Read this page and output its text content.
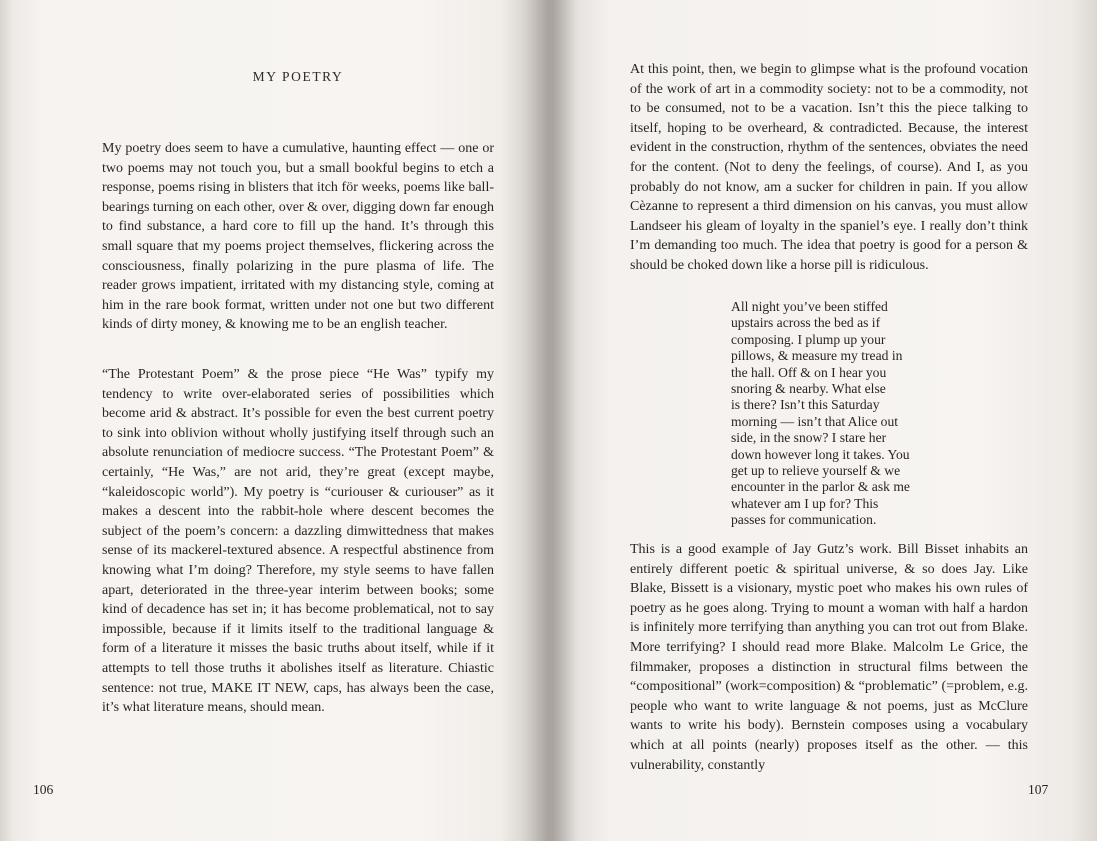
MY POETRY

My poetry does seem to have a cumulative, haunting effect — one or two poems may not touch you, but a small bookful begins to etch a response, poems rising in blisters that itch för weeks, poems like ball-bearings turning on each other, over & over, digging down far enough to find substance, a hard core to fill up the hand. It’s through this small square that my poems project themselves, flickering across the consciousness, finally polarizing in the pure plasma of life. The reader grows impatient, irritated with my distancing style, coming at him in the rare book format, written under not one but two different kinds of dirty money, & knowing me to be an english teacher.

“The Protestant Poem” & the prose piece “He Was” typify my tendency to write over-elaborated series of possibilities which become arid & abstract. It’s possible for even the best current poetry to sink into oblivion without wholly justifying itself through such an absolute renunciation of mediocre success. “The Protestant Poem” & certainly, “He Was,” are not arid, they’re great (except maybe, “kaleidoscopic world”). My poetry is “curiouser & curiouser” as it makes a descent into the rabbit-hole where descent becomes the subject of the poem’s concern: a dazzling dimwittedness that makes sense of its mackerel-textured absence. A respectful abstinence from knowing what I’m doing? Therefore, my style seems to have fallen apart, deteriorated in the three-year interim between books; some kind of decadence has set in; it has become problematical, not to say impossible, because if it limits itself to the traditional language & form of a literature it misses the basic truths about itself, while if it attempts to tell those truths it abolishes itself as literature. Chiastic sentence: not true, MAKE IT NEW, caps, has always been the case, it’s what literature means, should mean.

106

At this point, then, we begin to glimpse what is the profound vocation of the work of art in a commodity society: not to be a commodity, not to be consumed, not to be a vacation. Isn’t this the piece talking to itself, hoping to be overheard, & contradicted. Because, the interest evident in the construction, rhythm of the sentences, obviates the need for the content. (Not to deny the feelings, of course). And I, as you probably do not know, am a sucker for children in pain. If you allow Cèzanne to represent a third dimension on his canvas, you must allow Landseer his gleam of loyalty in the spaniel’s eye. I really don’t think I’m demanding too much. The idea that poetry is good for a person & should be choked down like a horse pill is ridiculous.

All night you’ve been stiffed
upstairs across the bed as if
composing. I plump up your
pillows, & measure my tread in
the hall. Off & on I hear you
snoring & nearby. What else
is there? Isn’t this Saturday
morning — isn’t that Alice out
side, in the snow? I stare her
down however long it takes. You
get up to relieve yourself & we
encounter in the parlor & ask me
whatever am I up for? This
passes for communication.

This is a good example of Jay Gutz’s work. Bill Bisset inhabits an entirely different poetic & spiritual universe, & so does Jay. Like Blake, Bissett is a visionary, mystic poet who makes his own rules of poetry as he goes along. Trying to mount a woman with half a hardon is infinitely more terrifying than anything you can trot out from Blake. More terrifying? I should read more Blake. Malcolm Le Grice, the filmmaker, proposes a distinction in structural films between the “compositional” (work=composition) & “problematic” (=problem, e.g. people who want to write language & not poems, just as McClure wants to write his body). Bernstein composes using a vocabulary which at all points (nearly) proposes itself as the other. — this vulnerability, constantly

107
